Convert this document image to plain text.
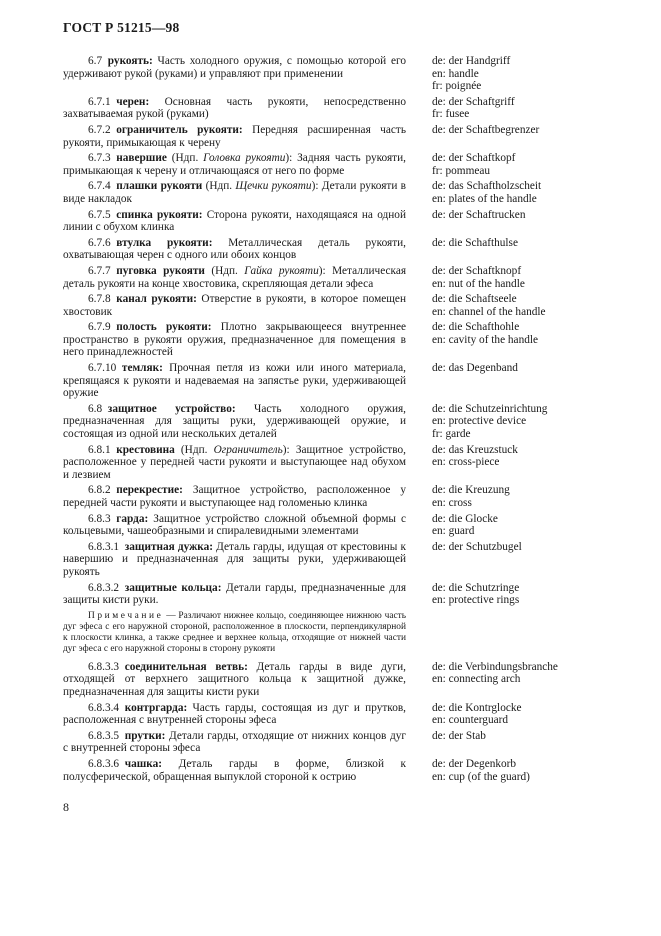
ГОСТ Р 51215—98
6.7  рукоять: Часть холодного оружия, с помощью которой его удерживают рукой (руками) и управляют при применении
de: der Handgriff
en: handle
fr: poignée
6.7.1  черен: Основная часть рукояти, непосредственно захватываемая рукой (руками)
de: der Schaftgriff
fr: fusee
6.7.2  ограничитель рукояти: Передняя расширенная часть рукояти, примыкающая к черену
de: der Schaftbegrenzer
6.7.3  навершие (Ндп. Головка рукояти): Задняя часть рукояти, примыкающая к черену и отличающаяся от него по форме
de: der Schaftkopf
fr: pommeau
6.7.4  плашки рукояти (Ндп. Щечки рукояти): Детали рукояти в виде накладок
de: das Schaftholzscheit
en: plates of the handle
6.7.5  спинка рукояти: Сторона рукояти, находящаяся на одной линии с обухом клинка
de: der Schaftrucken
6.7.6  втулка рукояти: Металлическая деталь рукояти, охватывающая черен с одного или обоих концов
de: die Schafthulse
6.7.7  пуговка рукояти (Ндп. Гайка рукояти): Металлическая деталь рукояти на конце хвостовика, скрепляющая детали эфеса
de: der Schaftknopf
en: nut of the handle
6.7.8  канал рукояти: Отверстие в рукояти, в которое помещен хвостовик
de: die Schaftseele
en: channel of the handle
6.7.9  полость рукояти: Плотно закрывающееся внутреннее пространство в рукояти оружия, предназначенное для помещения в него принадлежностей
de: die Schafthohle
en: cavity of the handle
6.7.10  темляк: Прочная петля из кожи или иного материала, крепящаяся к рукояти и надеваемая на запястье руки, удерживающей оружие
de: das Degenband
6.8  защитное устройство: Часть холодного оружия, предназначенная для защиты руки, удерживающей оружие, и состоящая из одной или нескольких деталей
de: die Schutzeinrichtung
en: protective device
fr: garde
6.8.1  крестовина (Ндп. Ограничитель): Защитное устройство, расположенное у передней части рукояти и выступающее над обухом и лезвием
de: das Kreuzstuck
en: cross-piece
6.8.2  перекрестие: Защитное устройство, расположенное у передней части рукояти и выступающее над голоменью клинка
de: die Kreuzung
en: cross
6.8.3  гарда: Защитное устройство сложной объемной формы с кольцевыми, чашеобразными и спиралевидными элементами
de: die Glocke
en: guard
6.8.3.1  защитная дужка: Деталь гарды, идущая от крестовины к навершию и предназначенная для защиты руки, удерживающей рукоять
de: der Schutzbugel
6.8.3.2  защитные кольца: Детали гарды, предназначенные для защиты кисти руки.
de: die Schutzringe
en: protective rings
Примечание — Различают нижнее кольцо, соединяющее нижнюю часть дуг эфеса с его наружной стороной, расположенное в плоскости, перпендикулярной к плоскости клинка, а также среднее и верхнее кольца, отходящие от нижней части дуг эфеса с его наружной стороны в сторону рукояти
6.8.3.3  соединительная ветвь: Деталь гарды в виде дуги, отходящей от верхнего защитного кольца к защитной дужке, предназначенная для защиты кисти руки
de: die Verbindungsbranche
en: connecting arch
6.8.3.4  контргарда: Часть гарды, состоящая из дуг и прутков, расположенная с внутренней стороны эфеса
de: die Kontrglocke
en: counterguard
6.8.3.5  прутки: Детали гарды, отходящие от нижних концов дуг с внутренней стороны эфеса
de: der Stab
6.8.3.6  чашка: Деталь гарды в форме, близкой к полусферической, обращенная выпуклой стороной к острию
de: der Degenkorb
en: cup (of the guard)
8
